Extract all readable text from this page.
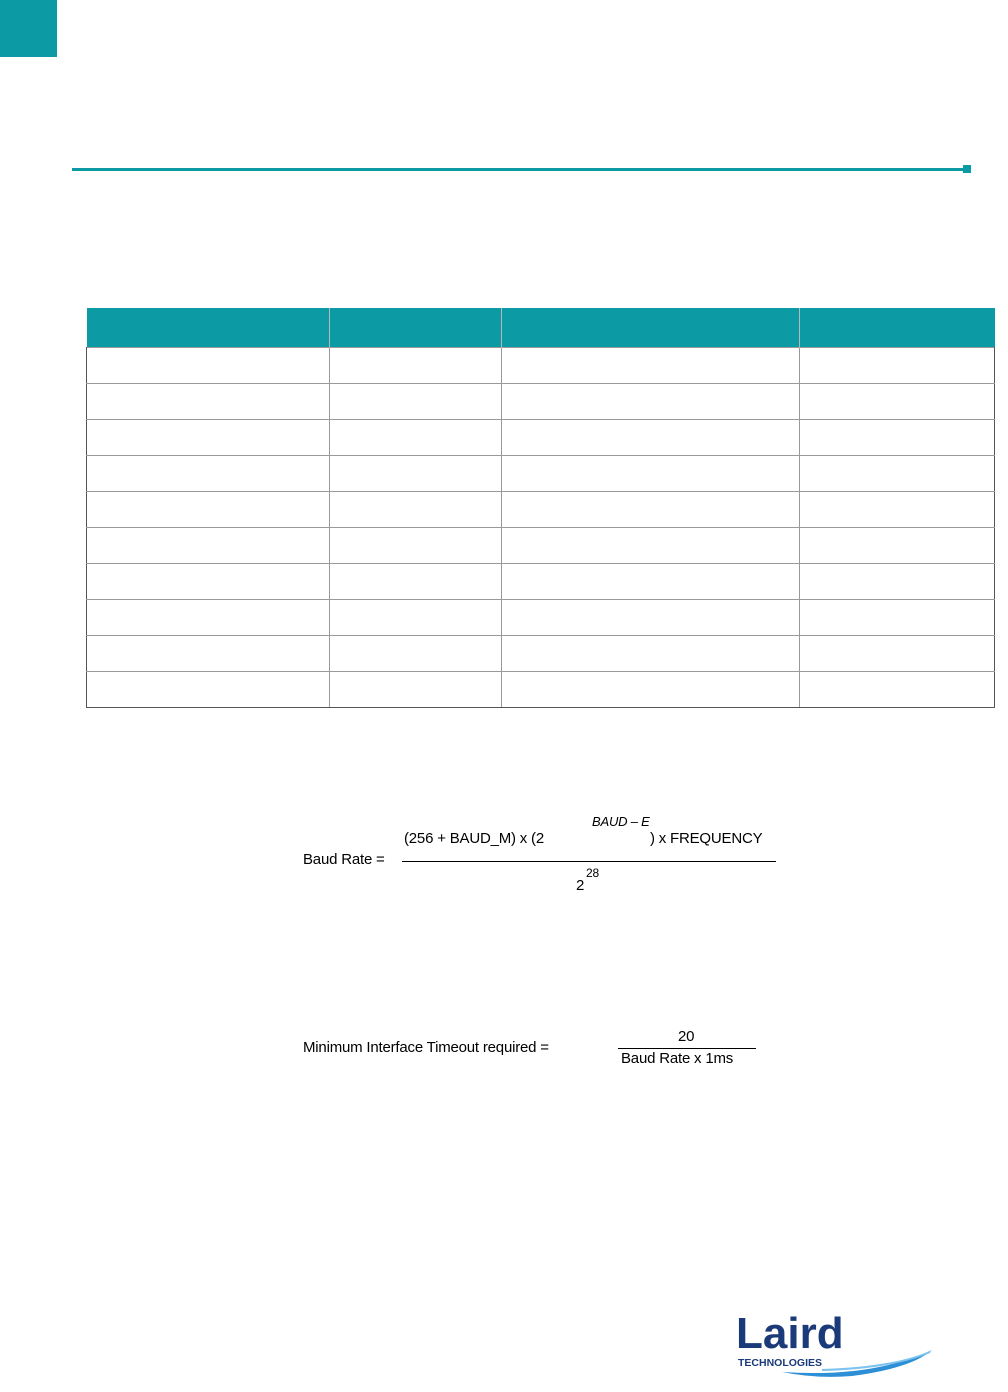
Baud Rate =
(256 + BAUD_M) x (2
BAUD – E
) x FREQUENCY
2
28
Minimum Interface Timeout required =
20
Baud Rate x 1ms
Laird
TECHNOLOGIES
